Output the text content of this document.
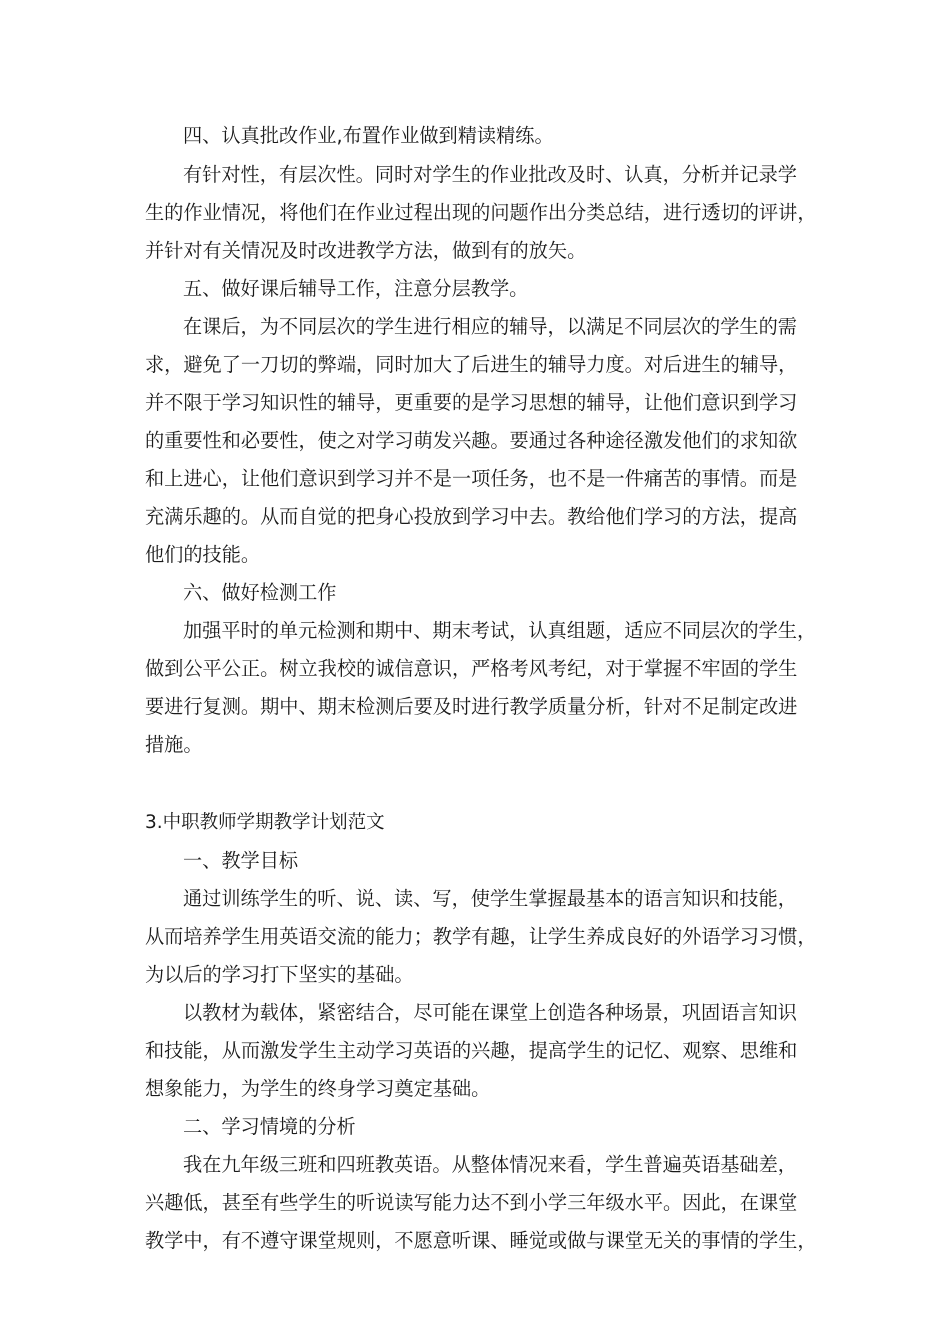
四、认真批改作业,布置作业做到精读精练。
有针对性，有层次性。同时对学生的作业批改及时、认真，分析并记录学
生的作业情况，将他们在作业过程出现的问题作出分类总结，进行透切的评讲，
并针对有关情况及时改进教学方法，做到有的放矢。
五、做好课后辅导工作，注意分层教学。
在课后，为不同层次的学生进行相应的辅导，以满足不同层次的学生的需
求，避免了一刀切的弊端，同时加大了后进生的辅导力度。对后进生的辅导，
并不限于学习知识性的辅导，更重要的是学习思想的辅导，让他们意识到学习
的重要性和必要性，使之对学习萌发兴趣。要通过各种途径激发他们的求知欲
和上进心，让他们意识到学习并不是一项任务，也不是一件痛苦的事情。而是
充满乐趣的。从而自觉的把身心投放到学习中去。教给他们学习的方法，提高
他们的技能。
六、做好检测工作
加强平时的单元检测和期中、期末考试，认真组题，适应不同层次的学生，
做到公平公正。树立我校的诚信意识，严格考风考纪，对于掌握不牢固的学生
要进行复测。期中、期末检测后要及时进行教学质量分析，针对不足制定改进
措施。
3.中职教师学期教学计划范文
一、教学目标
通过训练学生的听、说、读、写，使学生掌握最基本的语言知识和技能，
从而培养学生用英语交流的能力；教学有趣，让学生养成良好的外语学习习惯，
为以后的学习打下坚实的基础。
以教材为载体，紧密结合，尽可能在课堂上创造各种场景，巩固语言知识
和技能，从而激发学生主动学习英语的兴趣，提高学生的记忆、观察、思维和
想象能力，为学生的终身学习奠定基础。
二、学习情境的分析
我在九年级三班和四班教英语。从整体情况来看，学生普遍英语基础差，
兴趣低，甚至有些学生的听说读写能力达不到小学三年级水平。因此，在课堂
教学中，有不遵守课堂规则，不愿意听课、睡觉或做与课堂无关的事情的学生，
